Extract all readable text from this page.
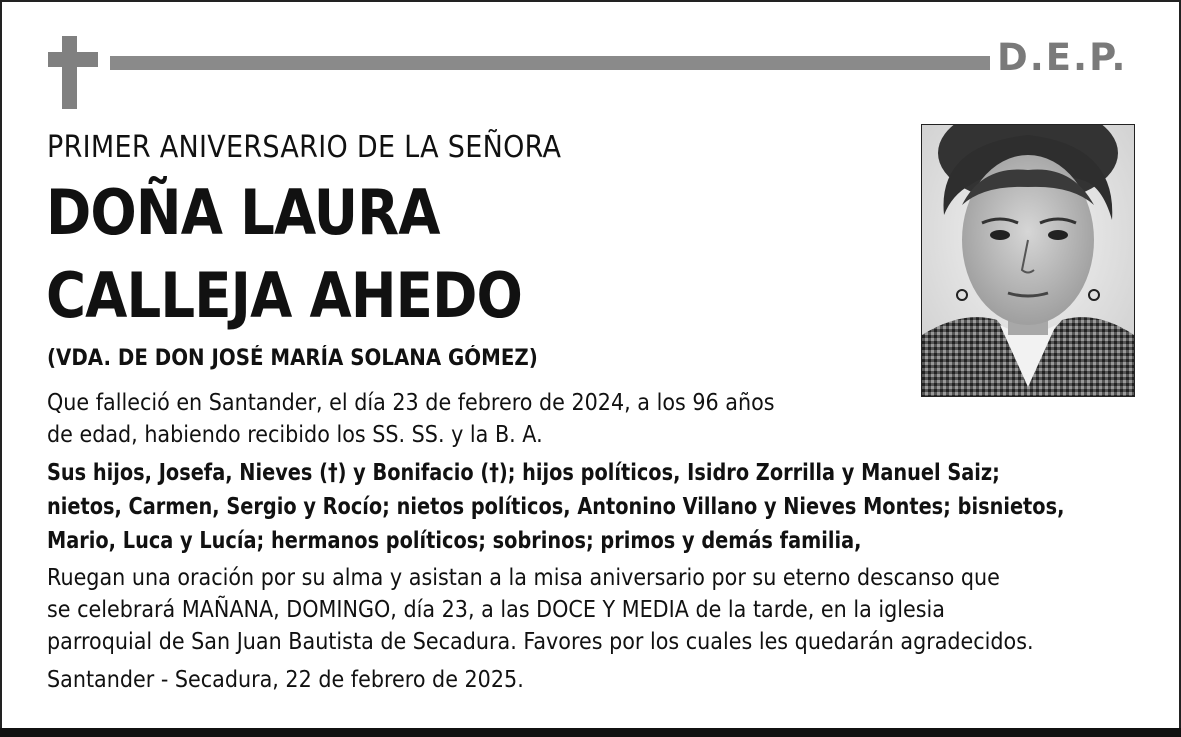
D.E.P.
PRIMER ANIVERSARIO DE LA SEÑORA
DOÑA LAURA
CALLEJA AHEDO
(VDA. DE DON JOSÉ MARÍA SOLANA GÓMEZ)
Que falleció en Santander, el día 23 de febrero de 2024, a los 96 años
de edad, habiendo recibido los SS. SS. y la B. A.
Sus hijos, Josefa, Nieves (†) y Bonifacio (†); hijos políticos, Isidro Zorrilla y Manuel Saiz;
nietos, Carmen, Sergio y Rocío; nietos políticos, Antonino Villano y Nieves Montes; bisnietos,
Mario, Luca y Lucía; hermanos políticos; sobrinos; primos y demás familia,
Ruegan una oración por su alma y asistan a la misa aniversario por su eterno descanso que
se celebrará MAÑANA, DOMINGO, día 23, a las DOCE Y MEDIA de la tarde, en la iglesia
parroquial de San Juan Bautista de Secadura. Favores por los cuales les quedarán agradecidos.
Santander - Secadura, 22 de febrero de 2025.
